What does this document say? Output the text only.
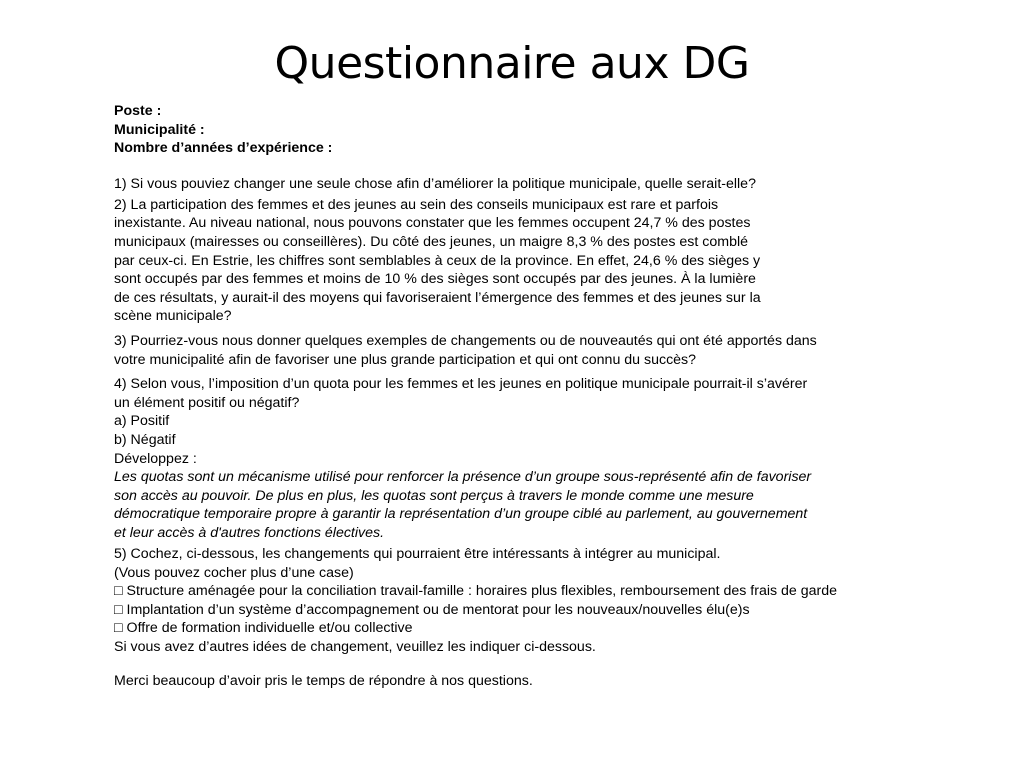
Questionnaire aux DG
Poste :
Municipalité :
Nombre d’années d’expérience :
1) Si vous pouviez changer une seule chose afin d’améliorer la politique municipale, quelle serait-elle?
2) La participation des femmes et des jeunes au sein des conseils municipaux est rare et parfois
inexistante. Au niveau national, nous pouvons constater que les femmes occupent 24,7 % des postes
municipaux (mairesses ou conseillères). Du côté des jeunes, un maigre 8,3 % des postes est comblé
par ceux-ci. En Estrie, les chiffres sont semblables à ceux de la province. En effet, 24,6 % des sièges y
sont occupés par des femmes et moins de 10 % des sièges sont occupés par des jeunes. À la lumière
de ces résultats, y aurait-il des moyens qui favoriseraient l’émergence des femmes et des jeunes sur la
scène municipale?
3) Pourriez-vous nous donner quelques exemples de changements ou de nouveautés qui ont été apportés dans
votre municipalité afin de favoriser une plus grande participation et qui ont connu du succès?
4) Selon vous, l’imposition d’un quota pour les femmes et les jeunes en politique municipale pourrait-il s’avérer
un élément positif ou négatif?
a) Positif
b) Négatif
Développez :
Les quotas sont un mécanisme utilisé pour renforcer la présence d’un groupe sous-représenté afin de favoriser
son accès au pouvoir. De plus en plus, les quotas sont perçus à travers le monde comme une mesure
démocratique temporaire propre à garantir la représentation d’un groupe ciblé au parlement, au gouvernement
et leur accès à d'autres fonctions électives.
5) Cochez, ci-dessous, les changements qui pourraient être intéressants à intégrer au municipal.
(Vous pouvez cocher plus d’une case)
□ Structure aménagée pour la conciliation travail-famille : horaires plus flexibles, remboursement des frais de garde
□ Implantation d’un système d’accompagnement ou de mentorat pour les nouveaux/nouvelles élu(e)s
□ Offre de formation individuelle et/ou collective
Si vous avez d’autres idées de changement, veuillez les indiquer ci-dessous.
Merci beaucoup d’avoir pris le temps de répondre à nos questions.
